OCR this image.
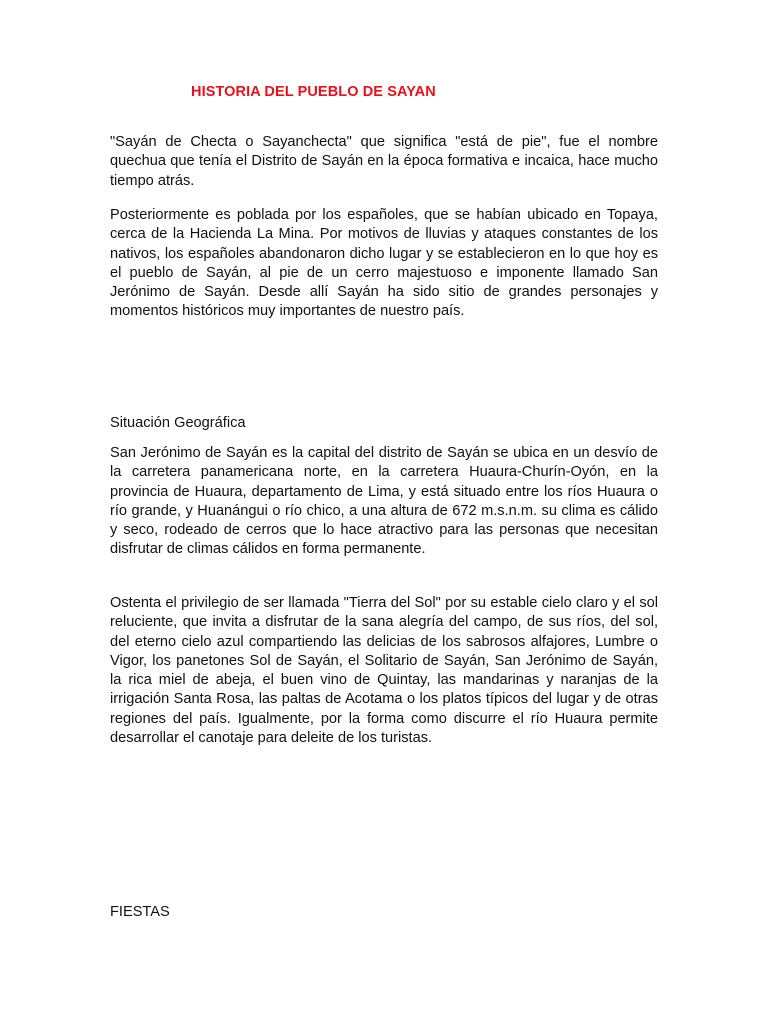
HISTORIA DEL PUEBLO DE SAYAN

"Sayán de Checta o Sayanchecta" que significa "está de pie", fue el nombre quechua que tenía el Distrito de Sayán en la época formativa e incaica, hace mucho tiempo atrás.

Posteriormente es poblada por los españoles, que se habían ubicado en Topaya, cerca de la Hacienda La Mina. Por motivos de lluvias y ataques constantes de los nativos, los españoles abandonaron dicho lugar y se establecieron en lo que hoy es el pueblo de Sayán, al pie de un cerro majestuoso e imponente llamado San Jerónimo de Sayán. Desde allí Sayán ha sido sitio de grandes personajes y momentos históricos muy importantes de nuestro país.

Situación Geográfica

San Jerónimo de Sayán es la capital del distrito de Sayán se ubica en un desvío de la carretera panamericana norte, en la carretera Huaura-Churín-Oyón, en la provincia de Huaura, departamento de Lima, y está situado entre los ríos Huaura o río grande, y Huanángui o río chico, a una altura de 672 m.s.n.m. su clima es cálido y seco, rodeado de cerros que lo hace atractivo para las personas que necesitan disfrutar de climas cálidos en forma permanente.

Ostenta el privilegio de ser llamada "Tierra del Sol" por su estable cielo claro y el sol reluciente, que invita a disfrutar de la sana alegría del campo, de sus ríos, del sol, del eterno cielo azul compartiendo las delicias de los sabrosos alfajores, Lumbre o Vigor, los panetones Sol de Sayán, el Solitario de Sayán, San Jerónimo de Sayán, la rica miel de abeja, el buen vino de Quintay, las mandarinas y naranjas de la irrigación Santa Rosa, las paltas de Acotama o los platos típicos del lugar y de otras regiones del país. Igualmente, por la forma como discurre el río Huaura permite desarrollar el canotaje para deleite de los turistas.

FIESTAS
